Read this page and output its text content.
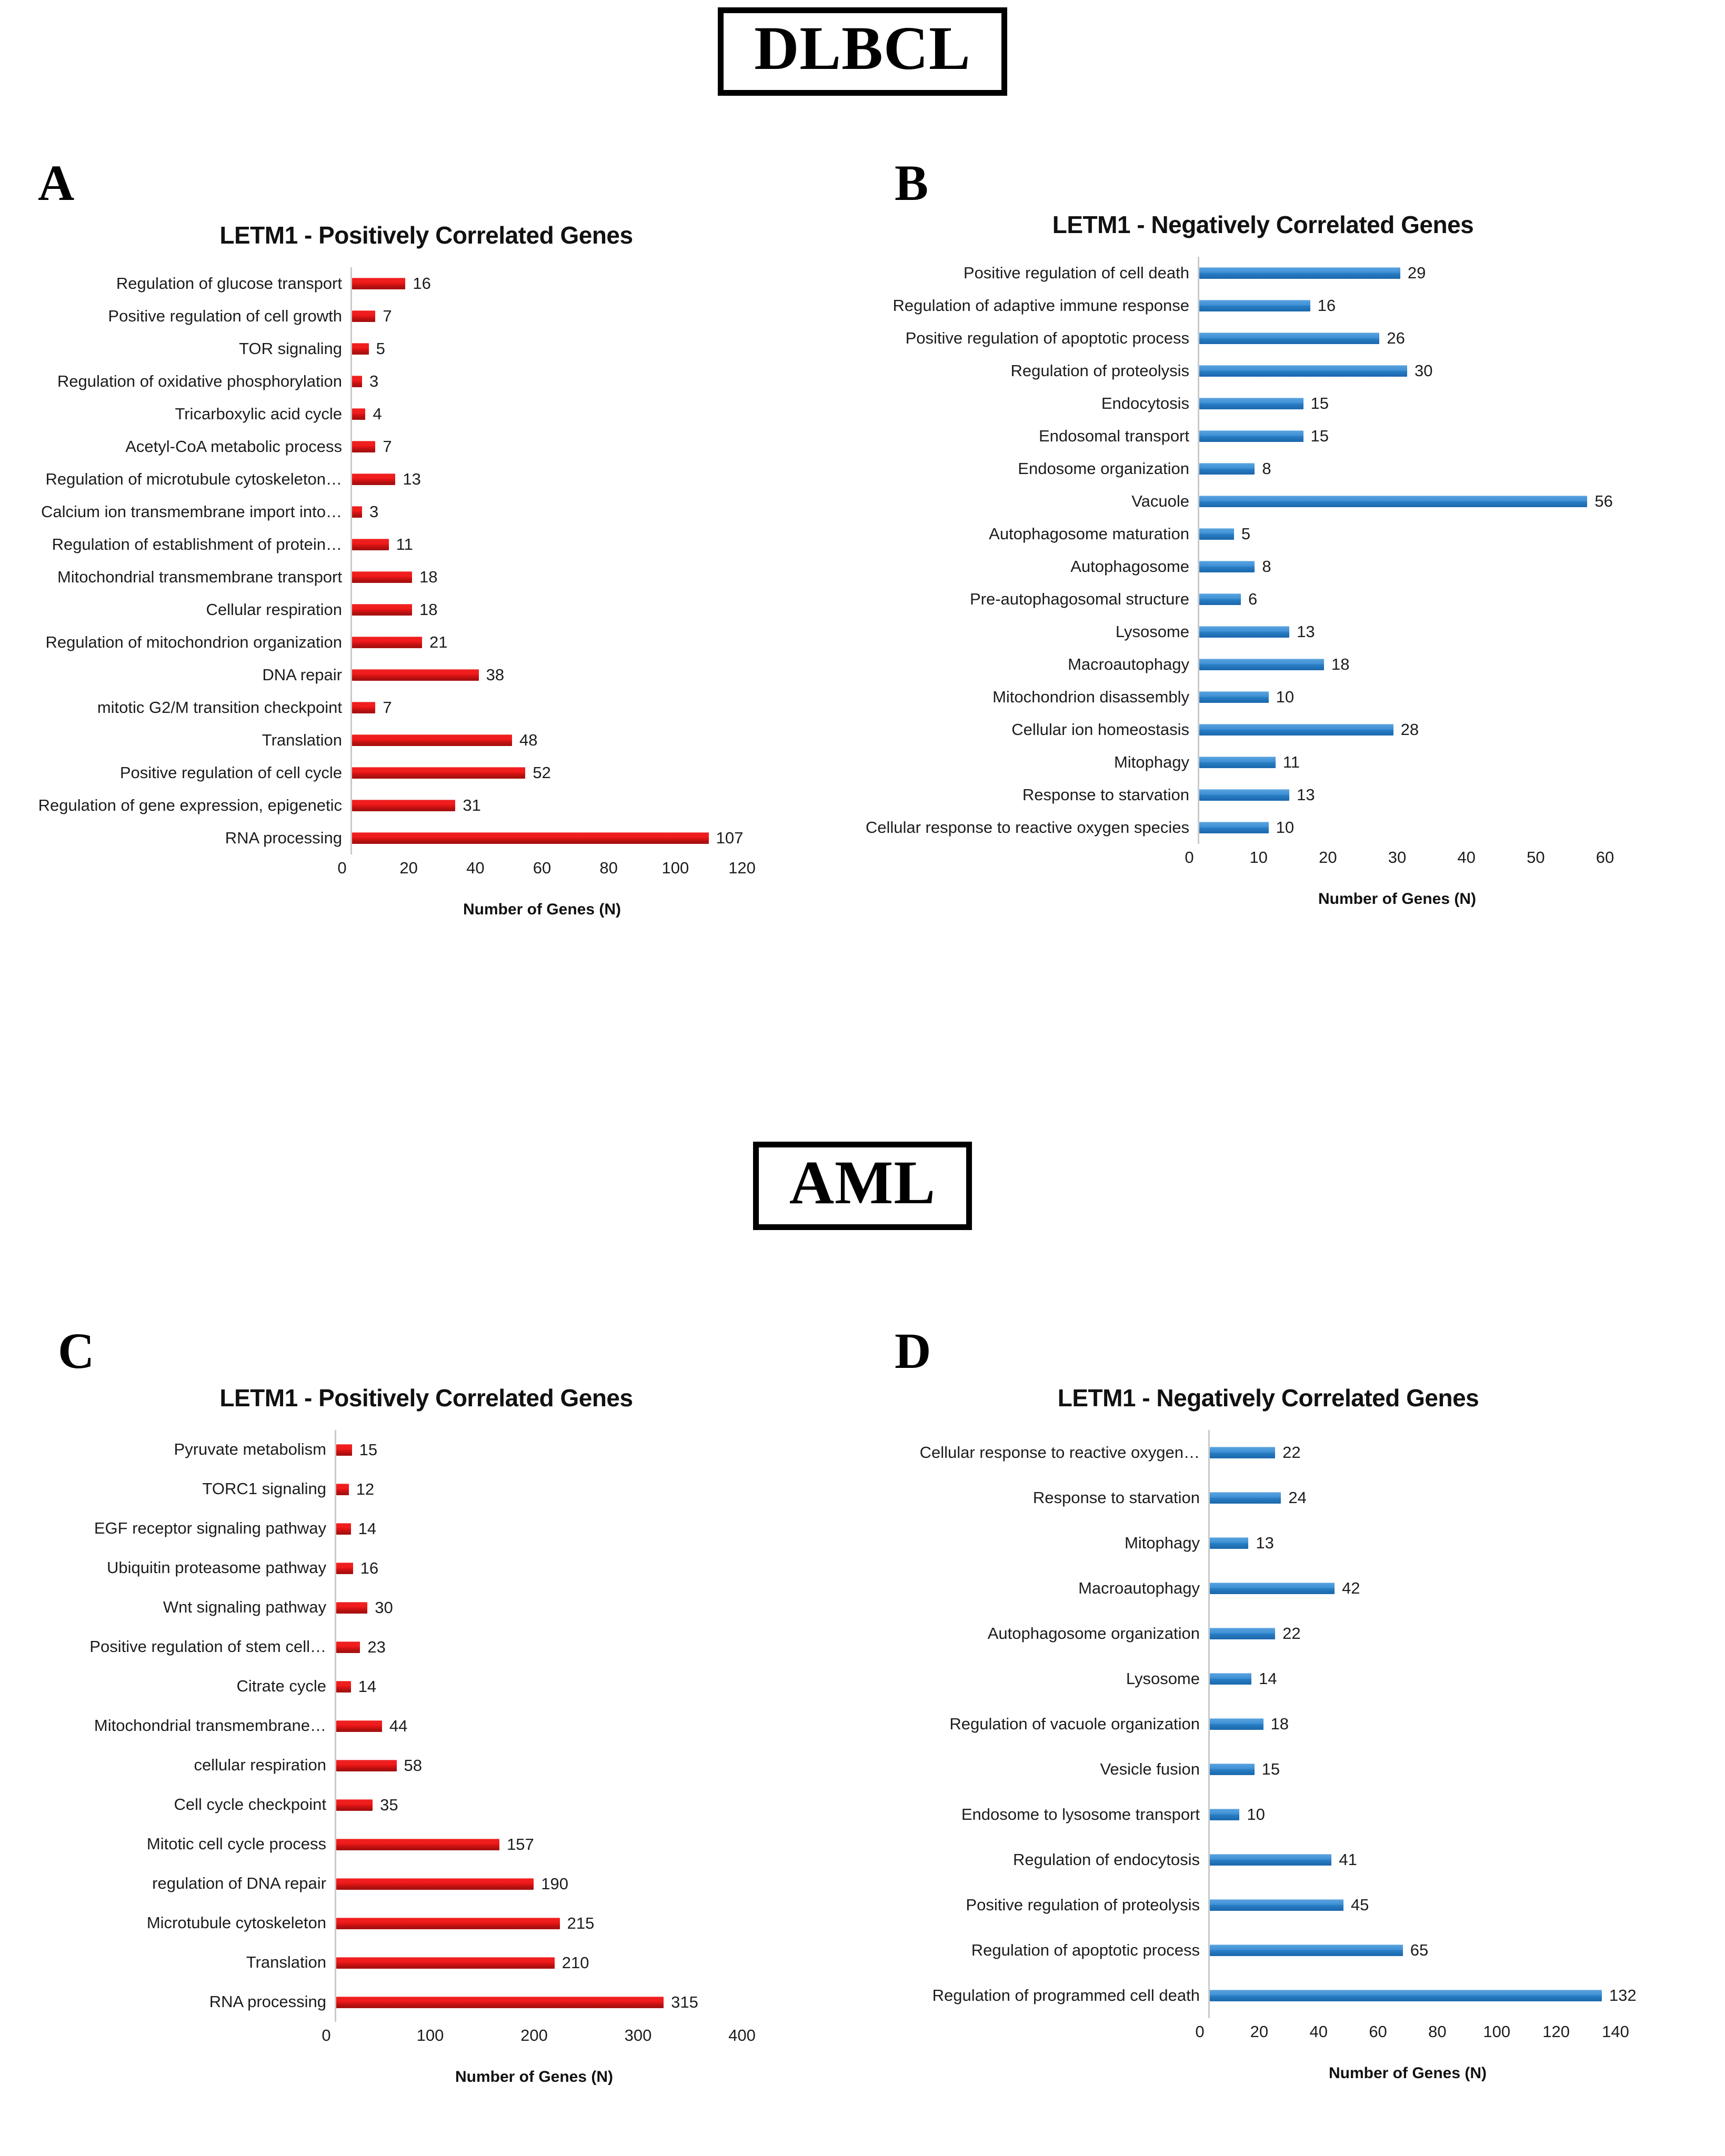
DLBCL
A	B
C	D
AML
LETM1 - Positively Correlated Genes
Regulation of glucose transport	16
Positive regulation of cell growth	7
TOR signaling	5
Regulation of oxidative phosphorylation	3
Tricarboxylic acid cycle	4
Acetyl-CoA metabolic process	7
Regulation of microtubule cytoskeleton…	13
Calcium ion transmembrane import into…	3
Regulation of establishment of protein…	11
Mitochondrial transmembrane transport	18
Cellular respiration	18
Regulation of mitochondrion organization	21
DNA repair	38
mitotic G2/M transition checkpoint	7
Translation	48
Positive regulation of cell cycle	52
Regulation of gene expression, epigenetic	31
RNA processing	107
0	20	40	60	80	100 120
Number of Genes (N)
LETM1 - Negatively Correlated Genes
Positive regulation of cell death	29
Regulation of adaptive immune response	16
Positive regulation of apoptotic process	26
Regulation of proteolysis	30
Endocytosis	15
Endosomal transport	15
Endosome organization	8
Vacuole	56
Autophagosome maturation	5
Autophagosome	8
Pre-autophagosomal structure	6
Lysosome	13
Macroautophagy	18
Mitochondrion disassembly	10
Cellular ion homeostasis	28
Mitophagy	11
Response to starvation	13
Cellular response to reactive oxygen species	10
0	10	20	30	40	50	60
Number of Genes (N)
LETM1 - Positively Correlated Genes
Pyruvate metabolism	15
TORC1 signaling	12
EGF receptor signaling pathway	14
Ubiquitin proteasome pathway	16
Wnt signaling pathway	30
Positive regulation of stem cell…	23
Citrate cycle	14
Mitochondrial transmembrane…	44
cellular respiration	58
Cell cycle checkpoint	35
Mitotic cell cycle process	157
regulation of DNA repair	190
Microtubule cytoskeleton	215
Translation	210
RNA processing	315
0	100	200	300	400
Number of Genes (N)
LETM1 - Negatively Correlated Genes
Cellular response to reactive oxygen…	22
Response to starvation	24
Mitophagy	13
Macroautophagy	42
Autophagosome organization	22
Lysosome	14
Regulation of vacuole organization	18
Vesicle fusion	15
Endosome to lysosome transport	10
Regulation of endocytosis	41
Positive regulation of proteolysis	45
Regulation of apoptotic process	65
Regulation of programmed cell death	132
0	20	40	60	80 100 120 140
Number of Genes (N)
